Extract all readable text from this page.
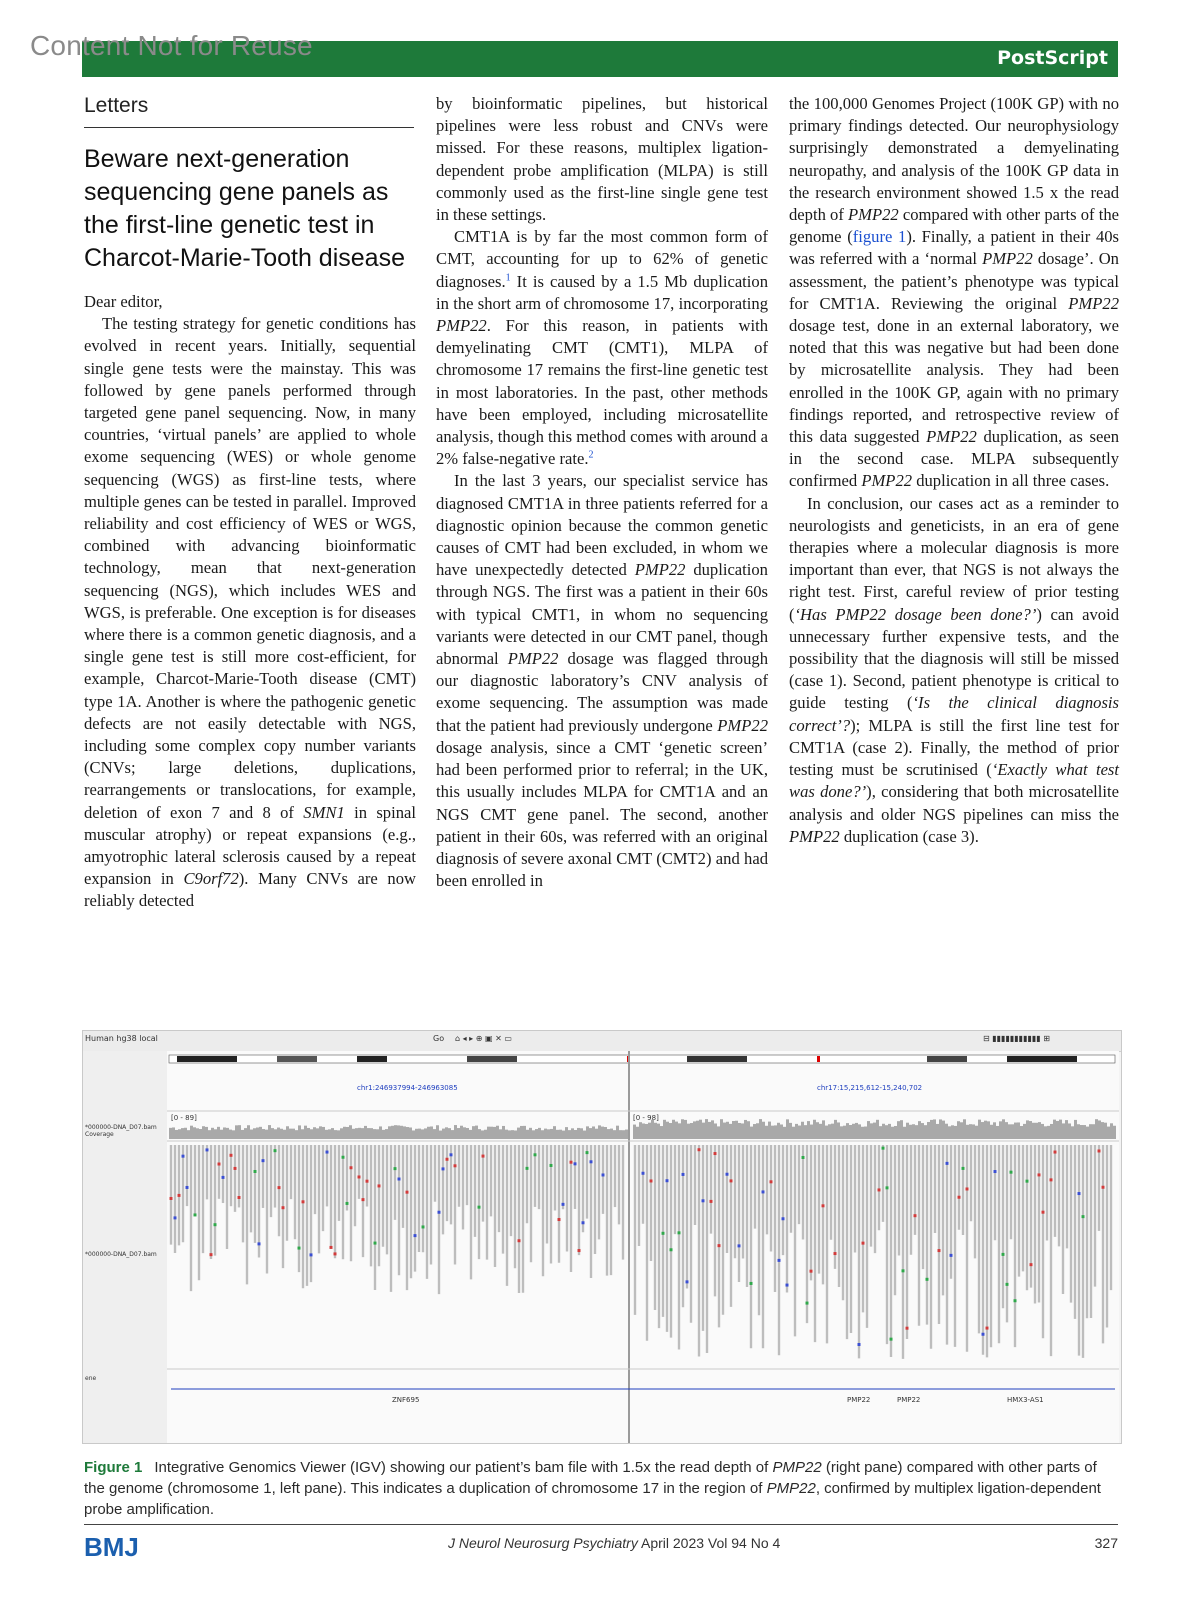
Content Not for Reuse	PostScript
Letters
Beware next-generation sequencing gene panels as the first-line genetic test in Charcot-Marie-Tooth disease

Dear editor,

The testing strategy for genetic conditions has evolved in recent years. Initially, sequential single gene tests were the mainstay. This was followed by gene panels performed through targeted gene panel sequencing. Now, in many countries, ‘virtual panels’ are applied to whole exome sequencing (WES) or whole genome sequencing (WGS) as first-line tests, where multiple genes can be tested in parallel. Improved reliability and cost efficiency of WES or WGS, combined with advancing bioinformatic technology, mean that next-generation sequencing (NGS), which includes WES and WGS, is preferable. One exception is for diseases where there is a common genetic diagnosis, and a single gene test is still more cost-efficient, for example, Charcot-Marie-Tooth disease (CMT) type 1A. Another is where the pathogenic genetic defects are not easily detectable with NGS, including some complex copy number variants (CNVs; large deletions, duplications, rearrangements or translocations, for example, deletion of exon 7 and 8 of SMN1 in spinal muscular atrophy) or repeat expansions (e.g., amyotrophic lateral sclerosis caused by a repeat expansion in C9orf72). Many CNVs are now reliably detected

by bioinformatic pipelines, but historical pipelines were less robust and CNVs were missed. For these reasons, multiplex ligation-dependent probe amplification (MLPA) is still commonly used as the first-line single gene test in these settings.

CMT1A is by far the most common form of CMT, accounting for up to 62% of genetic diagnoses.$^1$ It is caused by a 1.5 Mb duplication in the short arm of chromosome 17, incorporating PMP22. For this reason, in patients with demyelinating CMT (CMT1), MLPA of chromosome 17 remains the first-line genetic test in most laboratories. In the past, other methods have been employed, including microsatellite analysis, though this method comes with around a 2% false-negative rate.$^2$

In the last 3 years, our specialist service has diagnosed CMT1A in three patients referred for a diagnostic opinion because the common genetic causes of CMT had been excluded, in whom we have unexpectedly detected PMP22 duplication through NGS. The first was a patient in their 60s with typical CMT1, in whom no sequencing variants were detected in our CMT panel, though abnormal PMP22 dosage was flagged through our diagnostic laboratory’s CNV analysis of exome sequencing. The assumption was made that the patient had previously undergone PMP22 dosage analysis, since a CMT ‘genetic screen’ had been performed prior to referral; in the UK, this usually includes MLPA for CMT1A and an NGS CMT gene panel. The second, another patient in their 60s, was referred with an original diagnosis of severe axonal CMT (CMT2) and had been enrolled in

the 100,000 Genomes Project (100K GP) with no primary findings detected. Our neurophysiology surprisingly demonstrated a demyelinating neuropathy, and analysis of the 100K GP data in the research environment showed 1.5 x the read depth of PMP22 compared with other parts of the genome (figure 1). Finally, a patient in their 40s was referred with a ‘normal PMP22 dosage’. On assessment, the patient’s phenotype was typical for CMT1A. Reviewing the original PMP22 dosage test, done in an external laboratory, we noted that this was negative but had been done by microsatellite analysis. They had been enrolled in the 100K GP, again with no primary findings reported, and retrospective review of this data suggested PMP22 duplication, as seen in the second case. MLPA subsequently confirmed PMP22 duplication in all three cases.

In conclusion, our cases act as a reminder to neurologists and geneticists, in an era of gene therapies where a molecular diagnosis is more important than ever, that NGS is not always the right test. First, careful review of prior testing (‘Has PMP22 dosage been done?’) can avoid unnecessary further expensive tests, and the possibility that the diagnosis will still be missed (case 1). Second, patient phenotype is critical to guide testing (‘Is the clinical diagnosis correct’?); MLPA is still the first line test for CMT1A (case 2). Finally, the method of prior testing must be scrutinised (‘Exactly what test was done?’), considering that both microsatellite analysis and older NGS pipelines can miss the PMP22 duplication (case 3).

Human hg38 local	Go ⌂ ◂ ▸ ⊕ ▣ ✕ ▭	⊟ ▮▮▮▮▮▮▮▮▮▮▮ ⊞
*000000-DNA_D07.bam Coverage
*000000-DNA_D07.bam
ene
chr1:246937994-246963085	chr17:15,215,612-15,240,702
[0 - 89]	[0 - 98]
ZNF695	PMP22	PMP22	HMX3-AS1
Figure 1 Integrative Genomics Viewer (IGV) showing our patient’s bam file with 1.5x the read depth of PMP22 (right pane) compared with other parts of the genome (chromosome 1, left pane). This indicates a duplication of chromosome 17 in the region of PMP22, confirmed by multiplex ligation-dependent probe amplification.
BMJ	J Neurol Neurosurg Psychiatry April 2023 Vol 94 No 4	327
